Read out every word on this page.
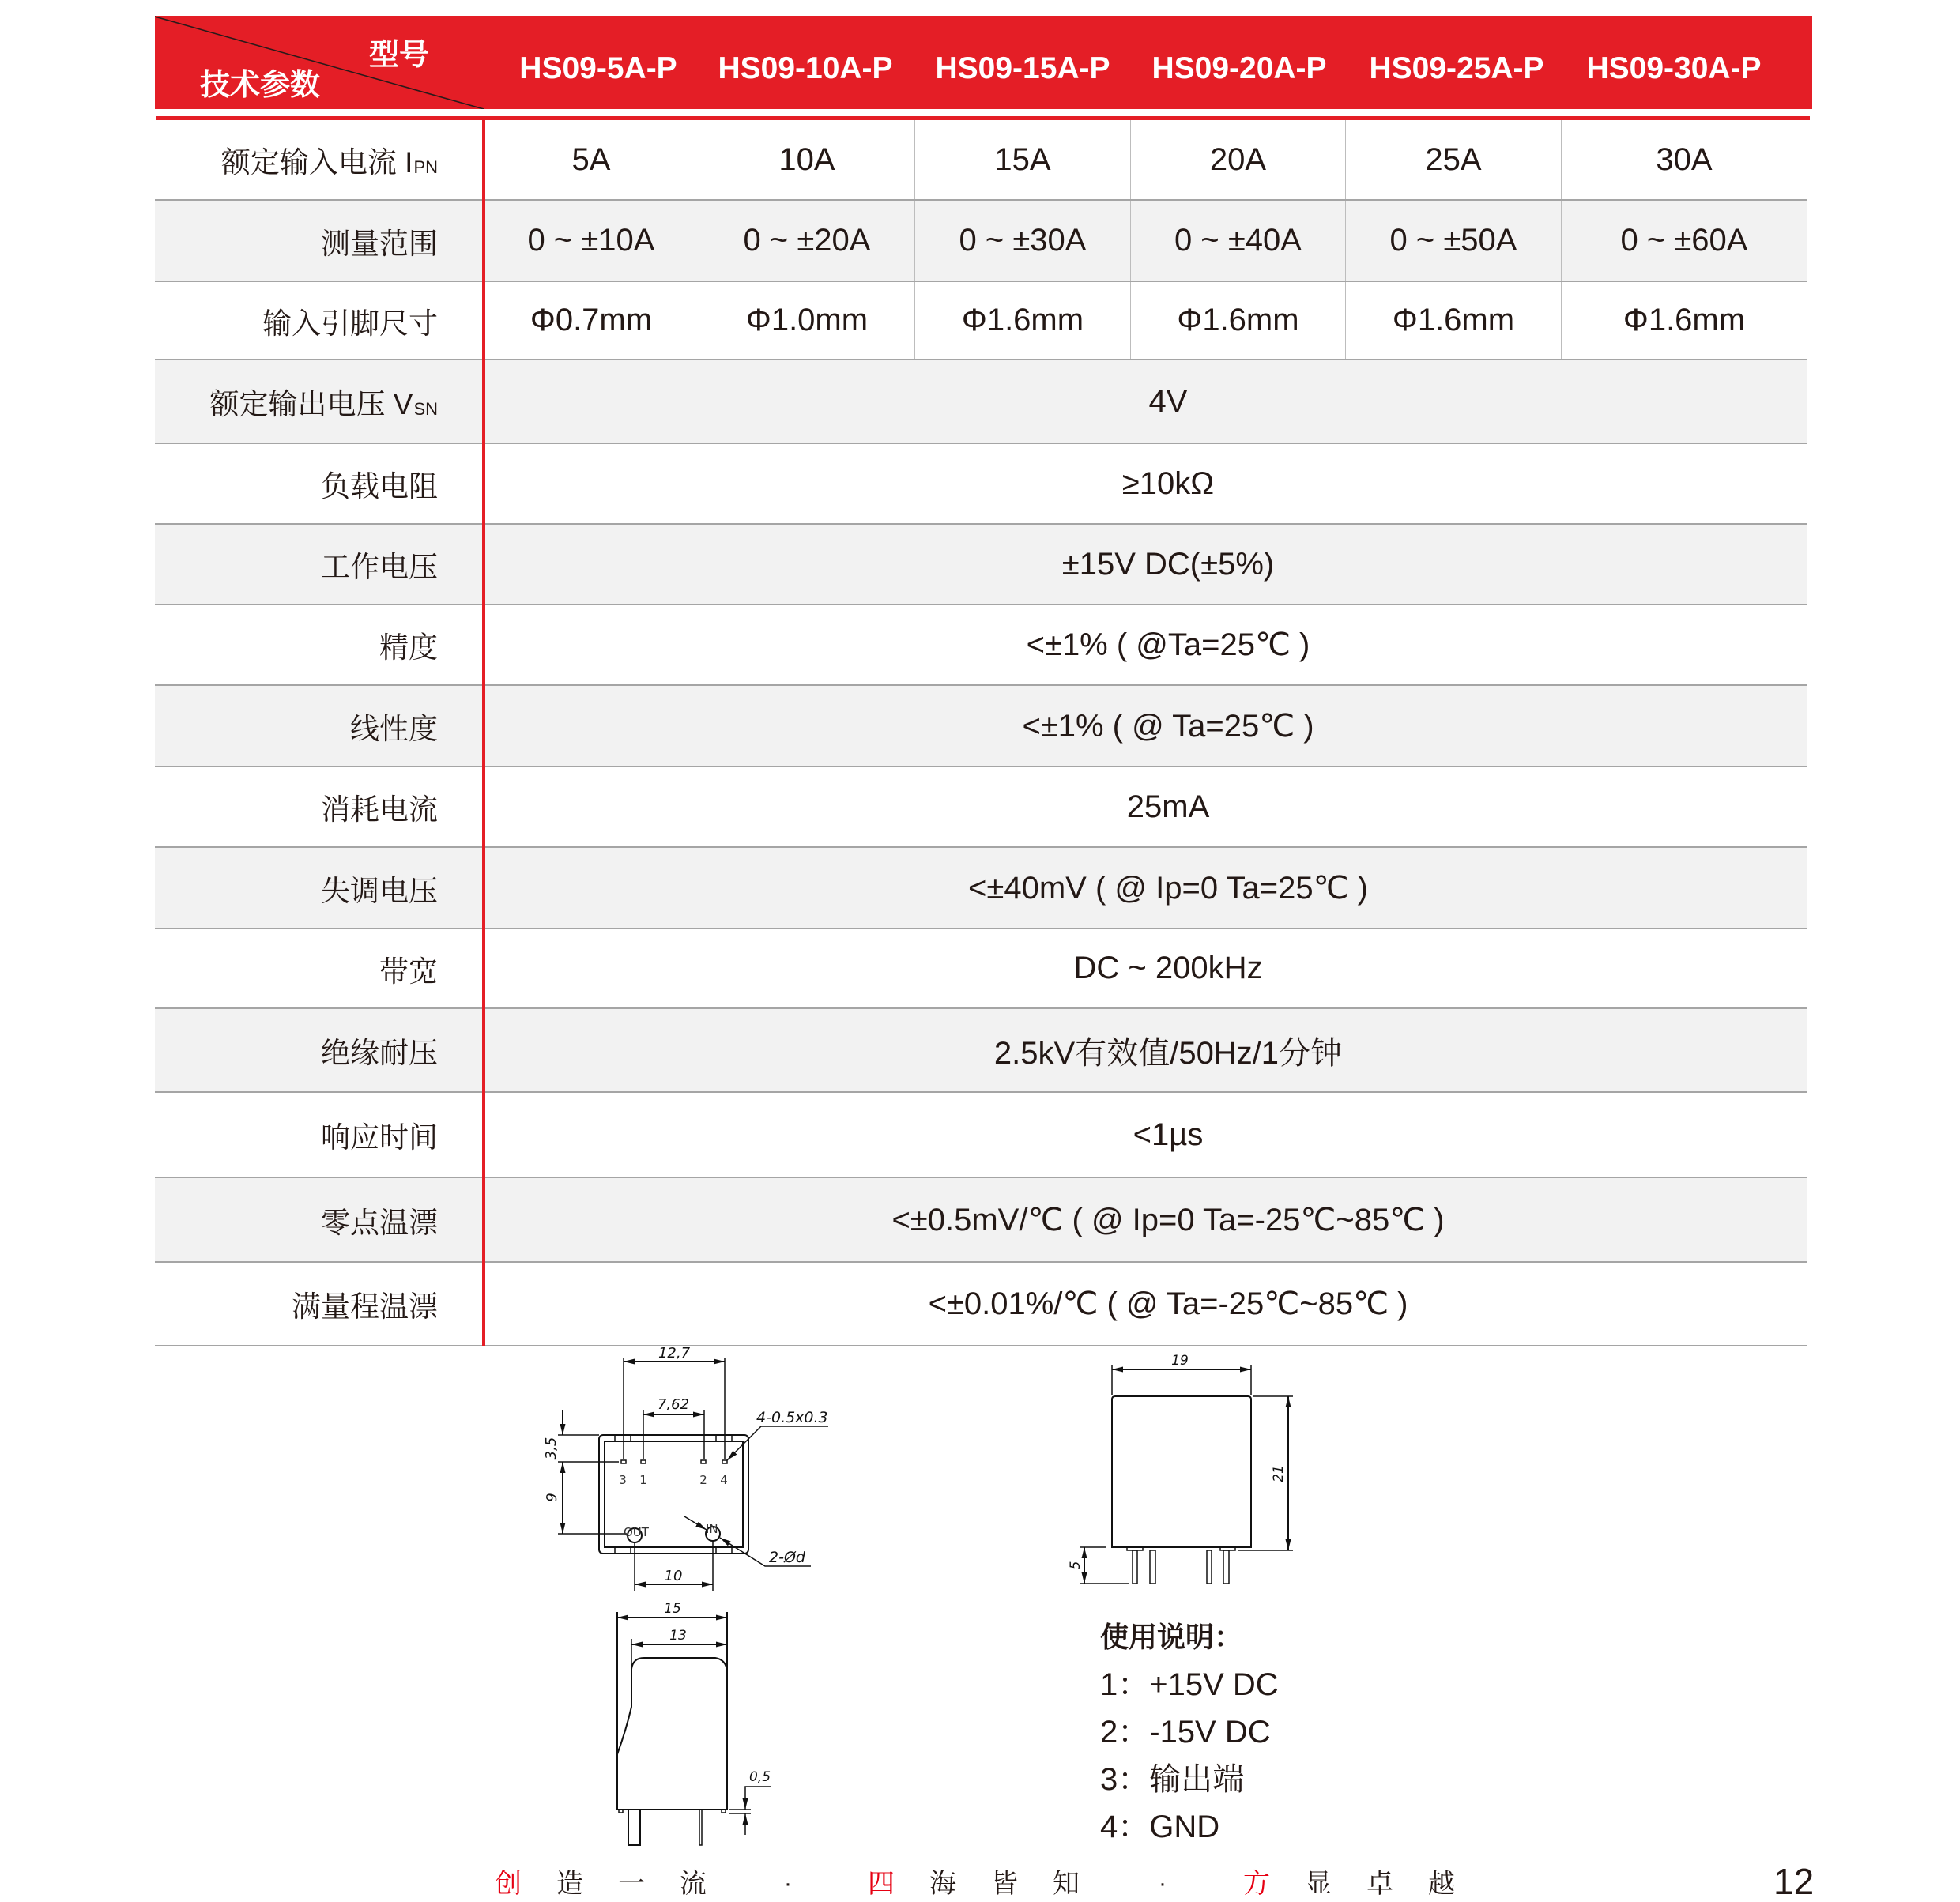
型号
技术参数	HS09-5A-P	HS09-10A-P	HS09-15A-P	HS09-20A-P	HS09-25A-P	HS09-30A-P
额定输入电流 I PN	5A	10A	15A	20A	25A	30A
测量范围	0 ~ ±10A	0 ~ ±20A	0 ~ ±30A	0 ~ ±40A	0 ~ ±50A	0 ~ ±60A
输入引脚尺寸	Φ0.7mm	Φ1.0mm	Φ1.6mm	Φ1.6mm	Φ1.6mm	Φ1.6mm
额定输出电压 V SN	4V
负载电阻	≥10kΩ
工作电压	±15V DC(±5%)
精度	<±1% ( @Ta=25℃ )
线性度	<±1% ( @ Ta=25℃ )
消耗电流	25mA
失调电压	<±40mV ( @ Ip=0 Ta=25℃ )
带宽	DC ~ 200kHz
绝缘耐压	2.5kV有效值/50Hz/1分钟
响应时间	<1µs
零点温漂	<±0.5mV/℃ ( @ Ip=0 Ta=-25℃~85℃ )
满量程温漂	<±0.01%/℃ ( @ Ta=-25℃~85℃ )
12,7
7,62
3,5
9
10
4-0.5x0.3
2-Ød
3 1	2 4
OUT	IN
15
13
0,5
19
21
5
使用说明：
1：+15V DC
2：-15V DC
3：输出端
4：GND
创	造	一	流	·	四	海	皆	知	·	方	显	卓	越	12
